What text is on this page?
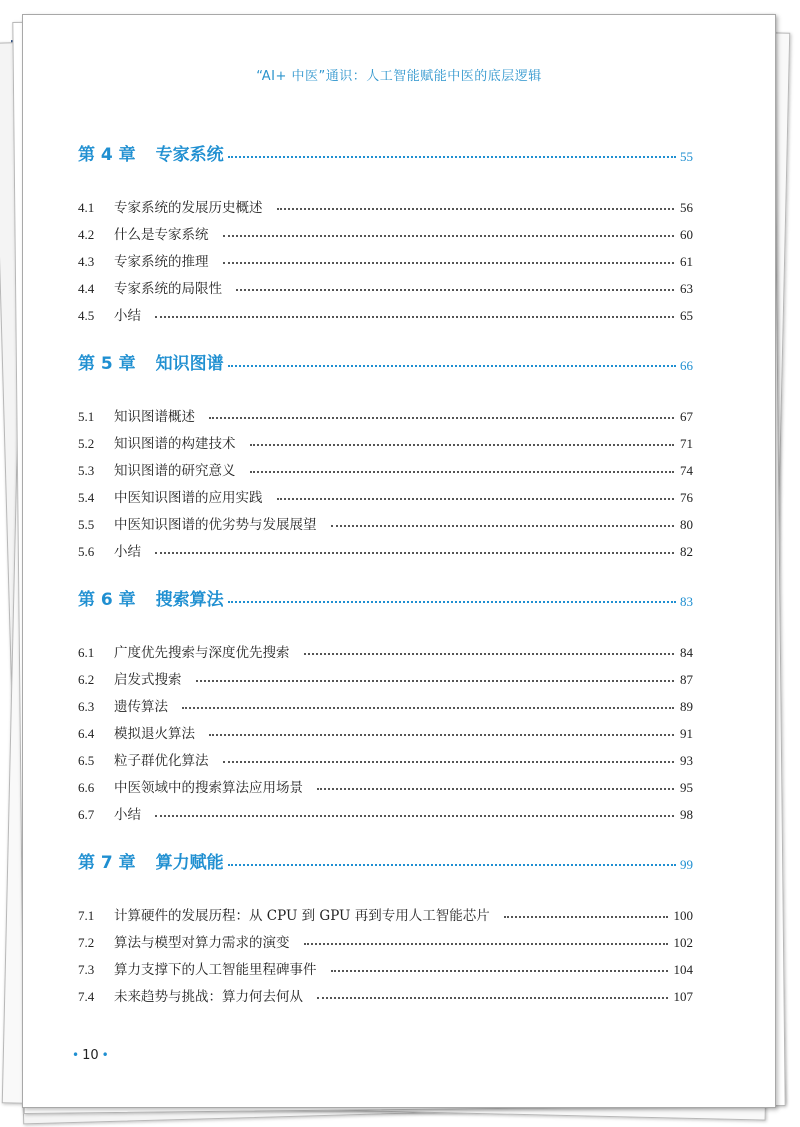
“AI+ 中医”通识：人工智能赋能中医的底层逻辑
第 4 章 专家系统	55
4.1	专家系统的发展历史概述	56
4.2	什么是专家系统	60
4.3	专家系统的推理	61
4.4	专家系统的局限性	63
4.5	小结	65
第 5 章 知识图谱	66
5.1	知识图谱概述	67
5.2	知识图谱的构建技术	71
5.3	知识图谱的研究意义	74
5.4	中医知识图谱的应用实践	76
5.5	中医知识图谱的优劣势与发展展望	80
5.6	小结	82
第 6 章 搜索算法	83
6.1	广度优先搜索与深度优先搜索	84
6.2	启发式搜索	87
6.3	遗传算法	89
6.4	模拟退火算法	91
6.5	粒子群优化算法	93
6.6	中医领域中的搜索算法应用场景	95
6.7	小结	98
第 7 章 算力赋能	99
7.1	计算硬件的发展历程：从 CPU 到 GPU 再到专用人工智能芯片	100
7.2	算法与模型对算力需求的演变	102
7.3	算力支撑下的人工智能里程碑事件	104
7.4	未来趋势与挑战：算力何去何从	107
• 10 •
